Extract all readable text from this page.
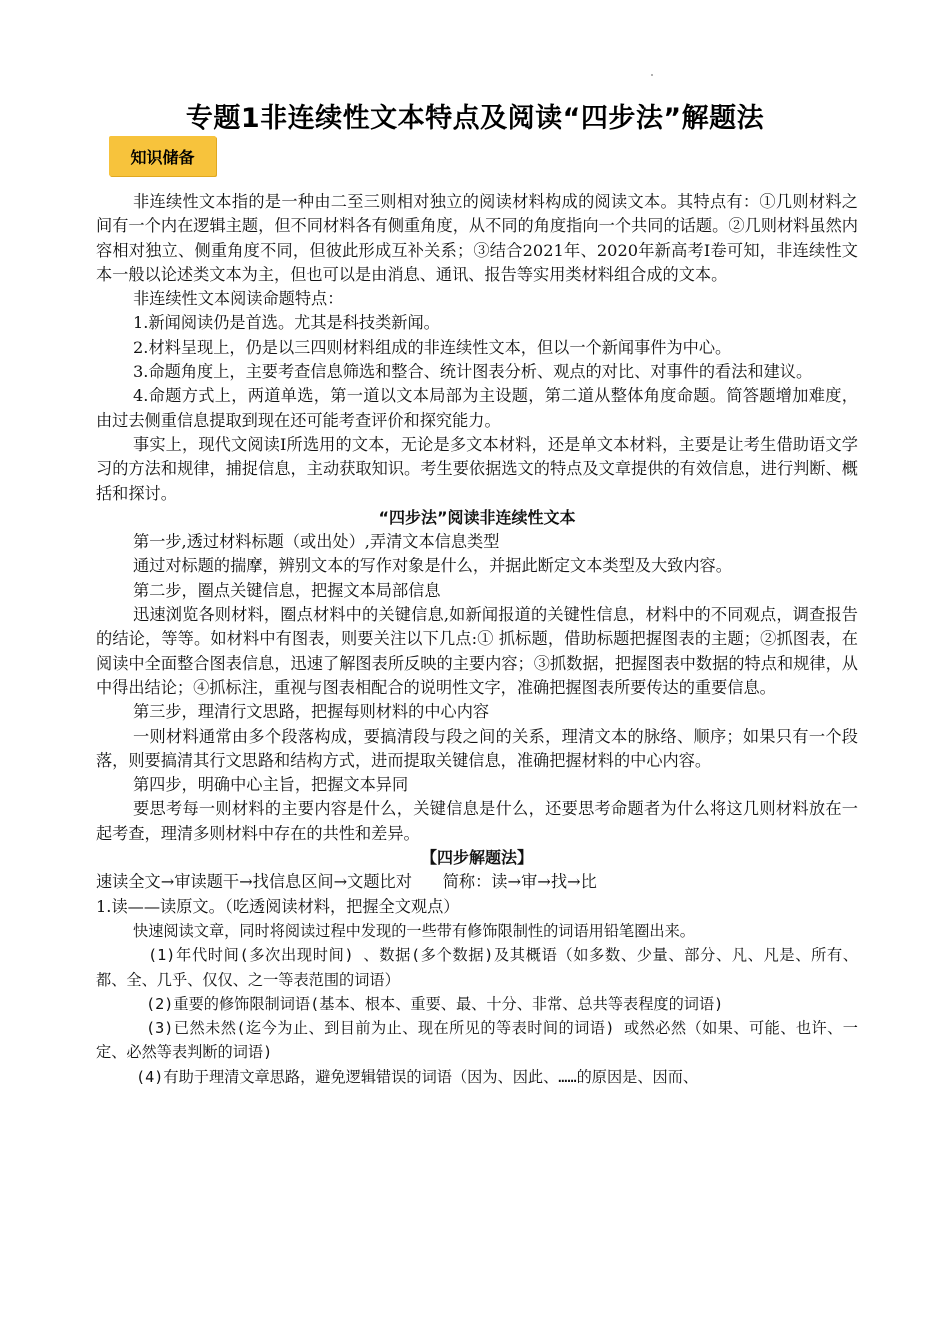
专题1非连续性文本特点及阅读“四步法”解题法
知识储备

非连续性文本指的是一种由二至三则相对独立的阅读材料构成的阅读文本。其特点有：①几则材料之间有一个内在逻辑主题，但不同材料各有侧重角度，从不同的角度指向一个共同的话题。②几则材料虽然内容相对独立、侧重角度不同，但彼此形成互补关系；③结合2021年、2020年新高考Ⅰ卷可知，非连续性文本一般以论述类文本为主，但也可以是由消息、通讯、报告等实用类材料组合成的文本。

非连续性文本阅读命题特点：

1.新闻阅读仍是首选。尤其是科技类新闻。

2.材料呈现上，仍是以三四则材料组成的非连续性文本，但以一个新闻事件为中心。

3.命题角度上，主要考查信息筛选和整合、统计图表分析、观点的对比、对事件的看法和建议。

4.命题方式上，两道单选，第一道以文本局部为主设题，第二道从整体角度命题。简答题增加难度，由过去侧重信息提取到现在还可能考查评价和探究能力。

事实上，现代文阅读Ⅰ所选用的文本，无论是多文本材料，还是单文本材料，主要是让考生借助语文学习的方法和规律，捕捉信息，主动获取知识。考生要依据选文的特点及文章提供的有效信息，进行判断、概括和探讨。

“四步法”阅读非连续性文本

第一步,透过材料标题（或出处）,弄清文本信息类型

通过对标题的揣摩，辨别文本的写作对象是什么，并据此断定文本类型及大致内容。

第二步，圈点关键信息，把握文本局部信息

迅速浏览各则材料，圈点材料中的关键信息,如新闻报道的关键性信息，材料中的不同观点，调查报告的结论，等等。如材料中有图表，则要关注以下几点:① 抓标题，借助标题把握图表的主题；②抓图表，在阅读中全面整合图表信息，迅速了解图表所反映的主要内容；③抓数据，把握图表中数据的特点和规律，从中得出结论；④抓标注，重视与图表相配合的说明性文字，准确把握图表所要传达的重要信息。

第三步，理清行文思路，把握每则材料的中心内容

一则材料通常由多个段落构成，要搞清段与段之间的关系，理清文本的脉络、顺序；如果只有一个段落，则要搞清其行文思路和结构方式，进而提取关键信息，准确把握材料的中心内容。

第四步，明确中心主旨，把握文本异同

要思考每一则材料的主要内容是什么，关键信息是什么，还要思考命题者为什么将这几则材料放在一起考查，理清多则材料中存在的共性和差异。

【四步解题法】

速读全文→审读题干→找信息区间→文题比对      简称：读→审→找→比

1.读——读原文。（吃透阅读材料，把握全文观点）

快速阅读文章，同时将阅读过程中发现的一些带有修饰限制性的词语用铅笔圈出来。

(1)年代时间(多次出现时间) 、数据(多个数据)及其概语（如多数、少量、部分、凡、凡是、所有、都、全、几乎、仅仅、之一等表范围的词语）

(2)重要的修饰限制词语(基本、根本、重要、最、十分、非常、总共等表程度的词语)

(3)已然未然(迄今为止、到目前为止、现在所见的等表时间的词语) 或然必然（如果、可能、也许、一定、必然等表判断的词语)

(4)有助于理清文章思路，避免逻辑错误的词语（因为、因此、……的原因是、因而、
